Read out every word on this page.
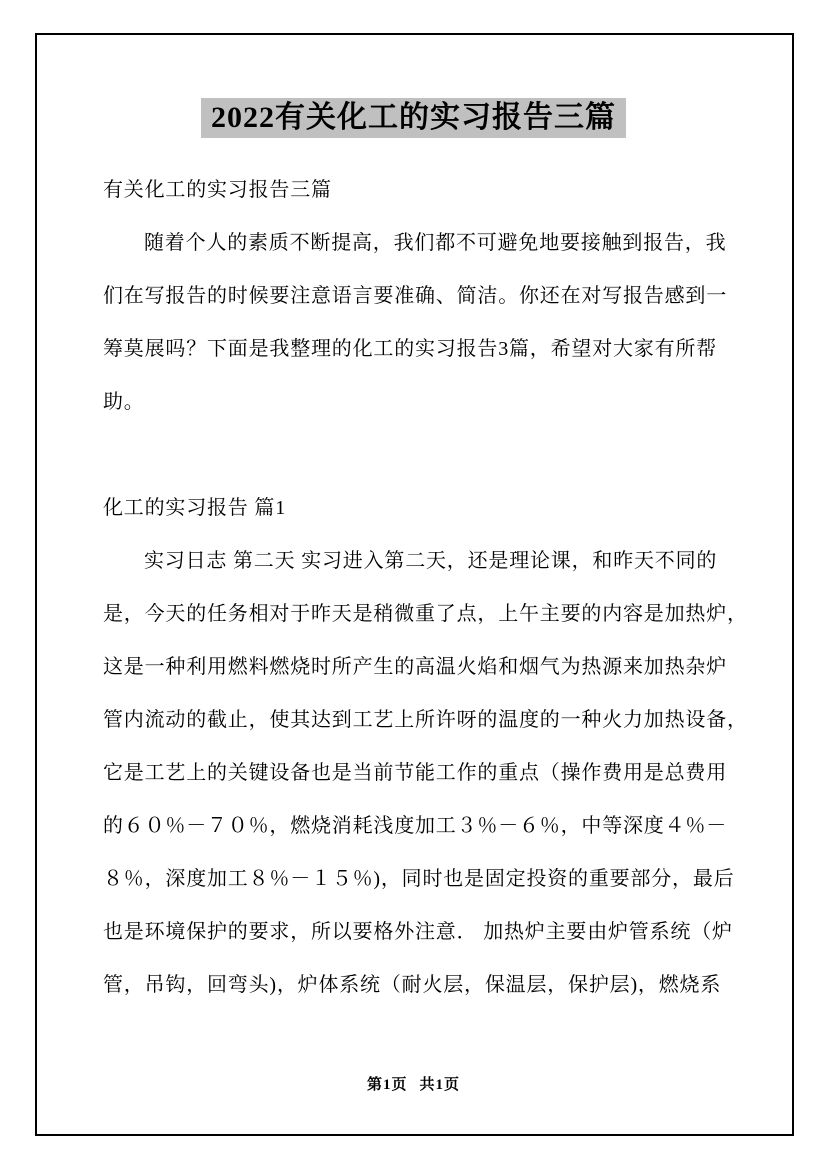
2022有关化工的实习报告三篇
有关化工的实习报告三篇
随着个人的素质不断提高，我们都不可避免地要接触到报告，我
们在写报告的时候要注意语言要准确、简洁。你还在对写报告感到一
筹莫展吗？下面是我整理的化工的实习报告3篇，希望对大家有所帮
助。
化工的实习报告 篇1
实习日志 第二天 实习进入第二天，还是理论课，和昨天不同的
是，今天的任务相对于昨天是稍微重了点，上午主要的内容是加热炉，
这是一种利用燃料燃烧时所产生的高温火焰和烟气为热源来加热杂炉
管内流动的截止，使其达到工艺上所许呀的温度的一种火力加热设备，
它是工艺上的关键设备也是当前节能工作的重点（操作费用是总费用
的６０％－７０％，燃烧消耗浅度加工３％－６％，中等深度４％－
８％，深度加工８％－１５％)，同时也是固定投资的重要部分，最后
也是环境保护的要求，所以要格外注意． 加热炉主要由炉管系统（炉
管，吊钩，回弯头)，炉体系统（耐火层，保温层，保护层)，燃烧系
第1页 共1页
